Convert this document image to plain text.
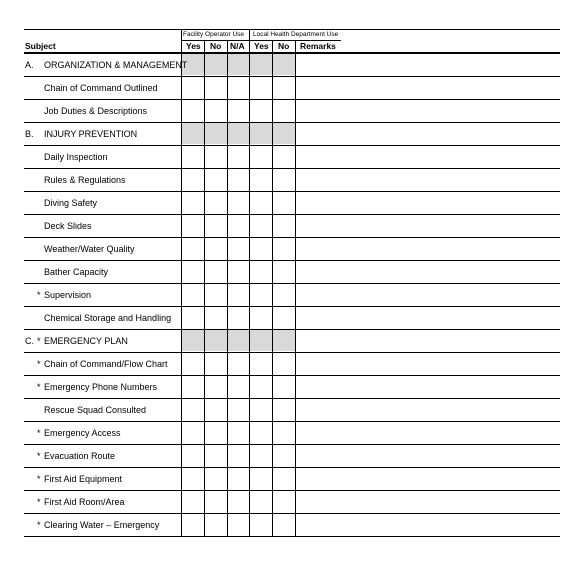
Facility Operator Use Local Health Department Use
Subject	Yes No N/A Yes No Remarks
A. ORGANIZATION & MANAGEMENT
Chain of Command Outlined
Job Duties & Descriptions
B. INJURY PREVENTION
Daily Inspection
Rules & Regulations
Diving Safety
Deck Slides
Weather/Water Quality
Bather Capacity
* Supervision
Chemical Storage and Handling
C. * EMERGENCY PLAN
* Chain of Command/Flow Chart
* Emergency Phone Numbers
Rescue Squad Consulted
* Emergency Access
* Evacuation Route
* First Aid Equipment
* First Aid Room/Area
* Clearing Water – Emergency
